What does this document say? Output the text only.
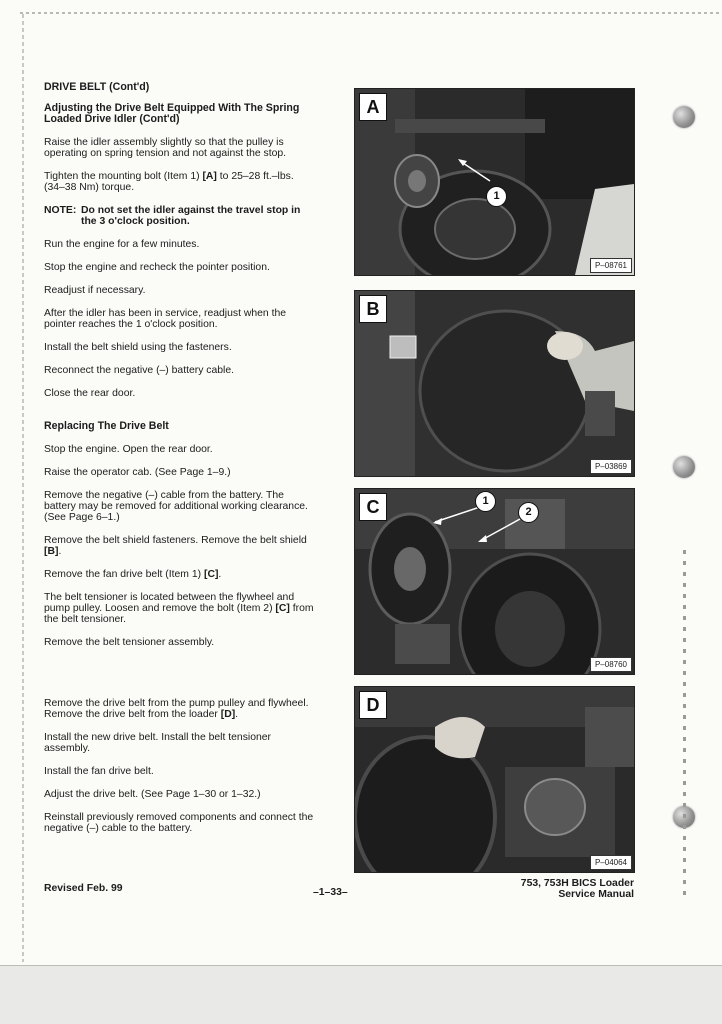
DRIVE BELT (Cont'd)

Adjusting the Drive Belt Equipped With The Spring Loaded Drive Idler (Cont'd)

Raise the idler assembly slightly so that the pulley is operating on spring tension and not against the stop.

Tighten the mounting bolt (Item 1) [A] to 25–28 ft.–lbs. (34–38 Nm) torque.

NOTE: Do not set the idler against the travel stop in
the 3 o'clock position.

Run the engine for a few minutes.

Stop the engine and recheck the pointer position.

Readjust if necessary.

After the idler has been in service, readjust when the pointer reaches the 1 o'clock position.

Install the belt shield using the fasteners.

Reconnect the negative (–) battery cable.

Close the rear door.

Replacing The Drive Belt

Stop the engine. Open the rear door.

Raise the operator cab. (See Page 1–9.)

Remove the negative (–) cable from the battery. The battery may be removed for additional working clearance. (See Page 6–1.)

Remove the belt shield fasteners. Remove the belt shield [B].

Remove the fan drive belt (Item 1) [C].

The belt tensioner is located between the flywheel and pump pulley. Loosen and remove the bolt (Item 2) [C] from the belt tensioner.

Remove the belt tensioner assembly.

Remove the drive belt from the pump pulley and flywheel. Remove the drive belt from the loader [D].

Install the new drive belt. Install the belt tensioner assembly.

Install the fan drive belt.

Adjust the drive belt. (See Page 1–30 or 1–32.)

Reinstall previously removed components and connect the negative (–) cable to the battery.

A
1
P–08761
B
P–03869
C	1
2
P–08760
D
P–04064
Revised Feb. 99	–1–33–
753, 753H BICS Loader
Service Manual
